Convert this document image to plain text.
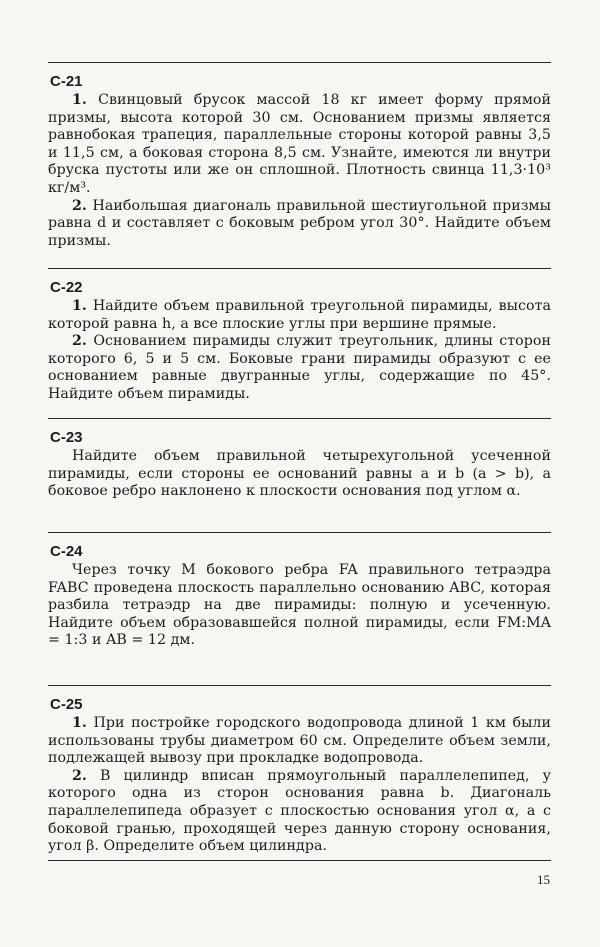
С-21

1. Свинцовый брусок массой 18 кг имеет форму прямой призмы, высота которой 30 см. Основанием призмы является равнобокая трапеция, параллельные стороны которой равны 3,5 и 11,5 см, а боковая сторона 8,5 см. Узнайте, имеются ли внутри бруска пустоты или же он сплошной. Плотность свинца 11,3·10³ кг/м³.

2. Наибольшая диагональ правильной шестиугольной призмы равна d и составляет с боковым ребром угол 30°. Найдите объем призмы.

С-22

1. Найдите объем правильной треугольной пирамиды, высота которой равна h, а все плоские углы при вершине прямые.

2. Основанием пирамиды служит треугольник, длины сторон которого 6, 5 и 5 см. Боковые грани пирамиды образуют с ее основанием равные двугранные углы, содержащие по 45°. Найдите объем пирамиды.

С-23

Найдите объем правильной четырехугольной усеченной пирамиды, если стороны ее оснований равны a и b (a > b), а боковое ребро наклонено к плоскости основания под углом α.

С-24

Через точку M бокового ребра FA правильного тетраэдра FABC проведена плоскость параллельно основанию ABC, которая разбила тетраэдр на две пирамиды: полную и усеченную. Найдите объем образовавшейся полной пирамиды, если FM:MA = 1:3 и AB = 12 дм.

С-25

1. При постройке городского водопровода длиной 1 км были использованы трубы диаметром 60 см. Определите объем земли, подлежащей вывозу при прокладке водопровода.

2. В цилиндр вписан прямоугольный параллелепипед, у которого одна из сторон основания равна b. Диагональ параллелепипеда образует с плоскостью основания угол α, а с боковой гранью, проходящей через данную сторону основания, угол β. Определите объем цилиндра.

15
